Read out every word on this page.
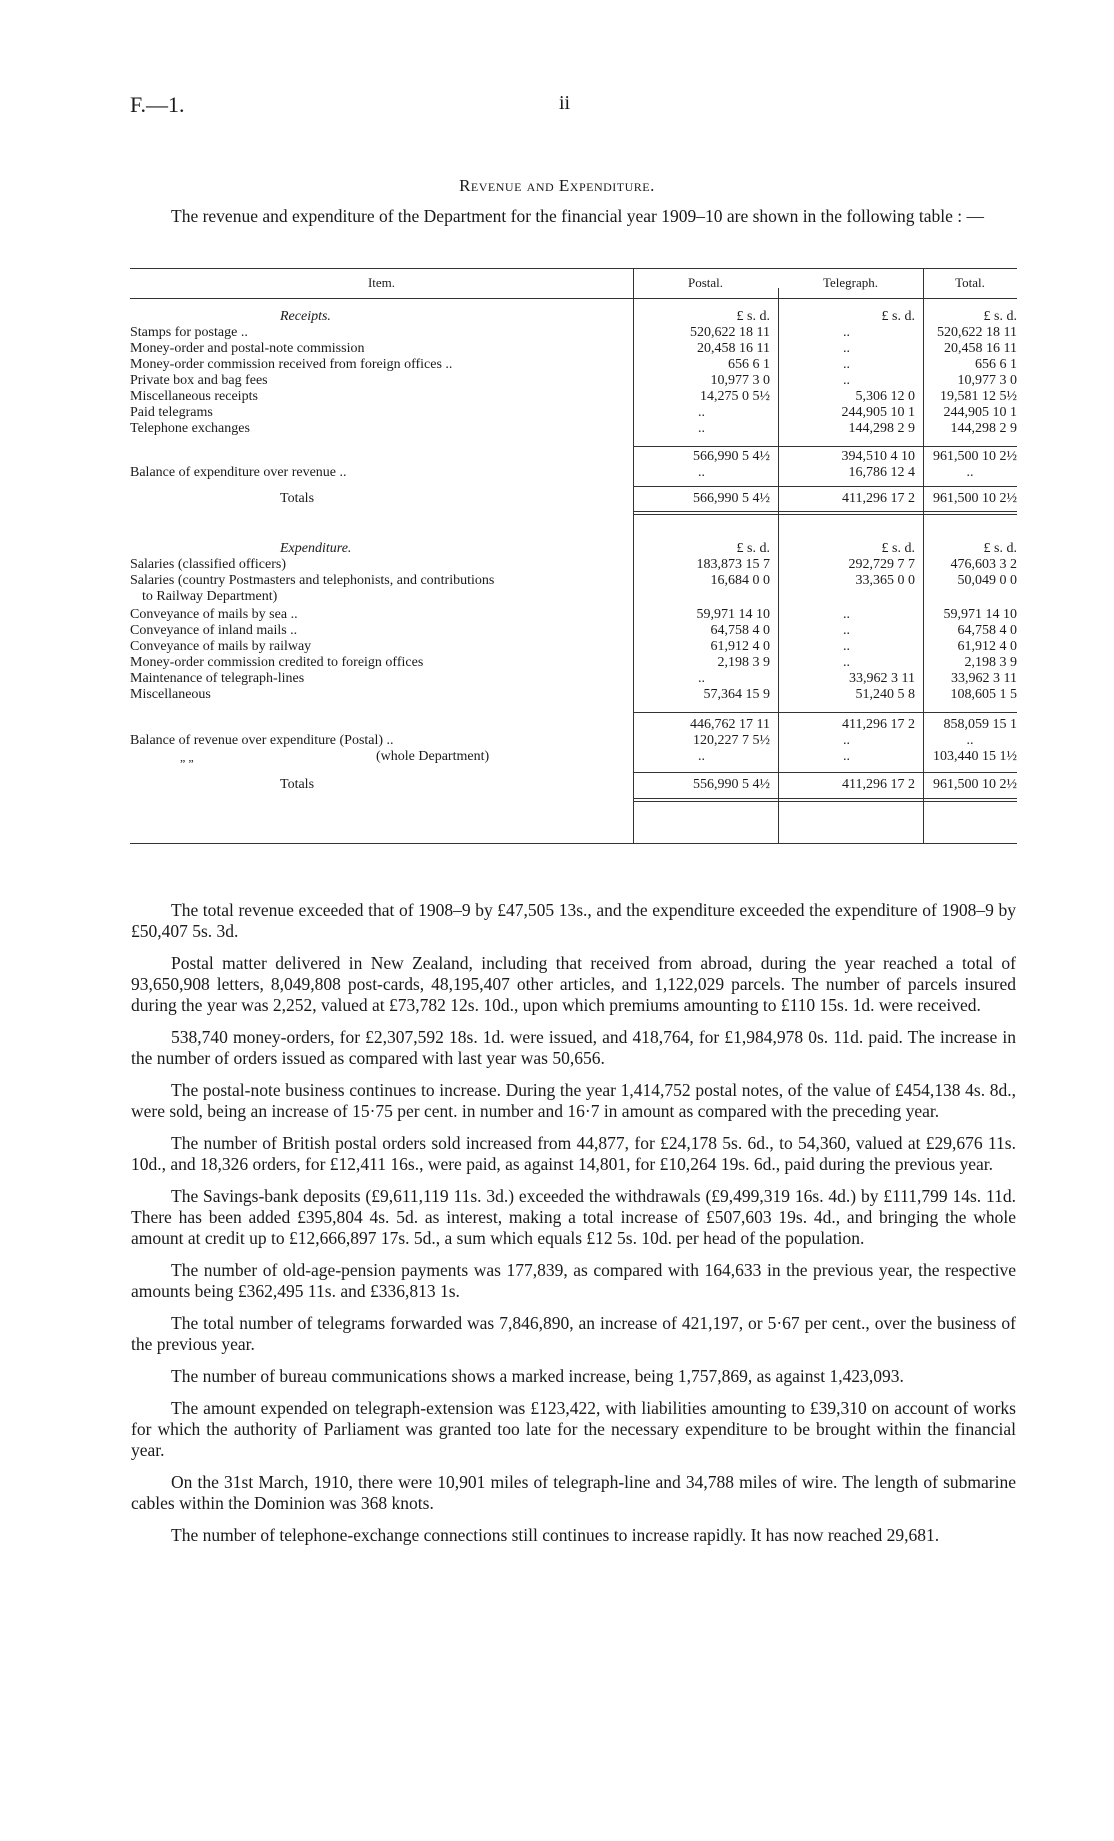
F.—1.	ii
Revenue and Expenditure.
The revenue and expenditure of the Department for the financial year 1909–10 are shown in the following table : —
Item.	Postal.	Telegraph.	Total.
Receipts.	£ s. d.	£ s. d.	£ s. d.
Stamps for postage ..	520,622 18 11	..	520,622 18 11
Money-order and postal-note commission	20,458 16 11	..	20,458 16 11
Money-order commission received from foreign offices ..	656 6 1	..	656 6 1
Private box and bag fees	10,977 3 0	..	10,977 3 0
Miscellaneous receipts	14,275 0 5½	5,306 12 0	19,581 12 5½
Paid telegrams	..	244,905 10 1	244,905 10 1
Telephone exchanges	..	144,298 2 9	144,298 2 9
566,990 5 4½	394,510 4 10	961,500 10 2½
Balance of expenditure over revenue ..	..	16,786 12 4	..
Totals	566,990 5 4½	411,296 17 2	961,500 10 2½
Expenditure.	£ s. d.	£ s. d.	£ s. d.
Salaries (classified officers)	183,873 15 7	292,729 7 7	476,603 3 2
Salaries (country Postmasters and telephonists, and contributions	16,684 0 0	33,365 0 0	50,049 0 0
to Railway Department)
Conveyance of mails by sea ..	59,971 14 10	..	59,971 14 10
Conveyance of inland mails ..	64,758 4 0	..	64,758 4 0
Conveyance of mails by railway	61,912 4 0	..	61,912 4 0
Money-order commission credited to foreign offices	2,198 3 9	..	2,198 3 9
Maintenance of telegraph-lines	..	33,962 3 11	33,962 3 11
Miscellaneous	57,364 15 9	51,240 5 8	108,605 1 5
446,762 17 11	411,296 17 2	858,059 15 1
Balance of revenue over expenditure (Postal) ..	120,227 7 5½	..	..
„ „	(whole Department)	..	..	103,440 15 1½
Totals	556,990 5 4½	411,296 17 2	961,500 10 2½

The total revenue exceeded that of 1908–9 by £47,505 13s., and the expenditure exceeded the expenditure of 1908–9 by £50,407 5s. 3d.

Postal matter delivered in New Zealand, including that received from abroad, during the year reached a total of 93,650,908 letters, 8,049,808 post-cards, 48,195,407 other articles, and 1,122,029 parcels. The number of parcels insured during the year was 2,252, valued at £73,782 12s. 10d., upon which premiums amounting to £110 15s. 1d. were received.

538,740 money-orders, for £2,307,592 18s. 1d. were issued, and 418,764, for £1,984,978 0s. 11d. paid. The increase in the number of orders issued as compared with last year was 50,656.

The postal-note business continues to increase. During the year 1,414,752 postal notes, of the value of £454,138 4s. 8d., were sold, being an increase of 15·75 per cent. in number and 16·7 in amount as compared with the preceding year.

The number of British postal orders sold increased from 44,877, for £24,178 5s. 6d., to 54,360, valued at £29,676 11s. 10d., and 18,326 orders, for £12,411 16s., were paid, as against 14,801, for £10,264 19s. 6d., paid during the previous year.

The Savings-bank deposits (£9,611,119 11s. 3d.) exceeded the withdrawals (£9,499,319 16s. 4d.) by £111,799 14s. 11d. There has been added £395,804 4s. 5d. as interest, making a total increase of £507,603 19s. 4d., and bringing the whole amount at credit up to £12,666,897 17s. 5d., a sum which equals £12 5s. 10d. per head of the population.

The number of old-age-pension payments was 177,839, as compared with 164,633 in the previous year, the respective amounts being £362,495 11s. and £336,813 1s.

The total number of telegrams forwarded was 7,846,890, an increase of 421,197, or 5·67 per cent., over the business of the previous year.

The number of bureau communications shows a marked increase, being 1,757,869, as against 1,423,093.

The amount expended on telegraph-extension was £123,422, with liabilities amounting to £39,310 on account of works for which the authority of Parliament was granted too late for the necessary expenditure to be brought within the financial year.

On the 31st March, 1910, there were 10,901 miles of telegraph-line and 34,788 miles of wire. The length of submarine cables within the Dominion was 368 knots.

The number of telephone-exchange connections still continues to increase rapidly. It has now reached 29,681.
